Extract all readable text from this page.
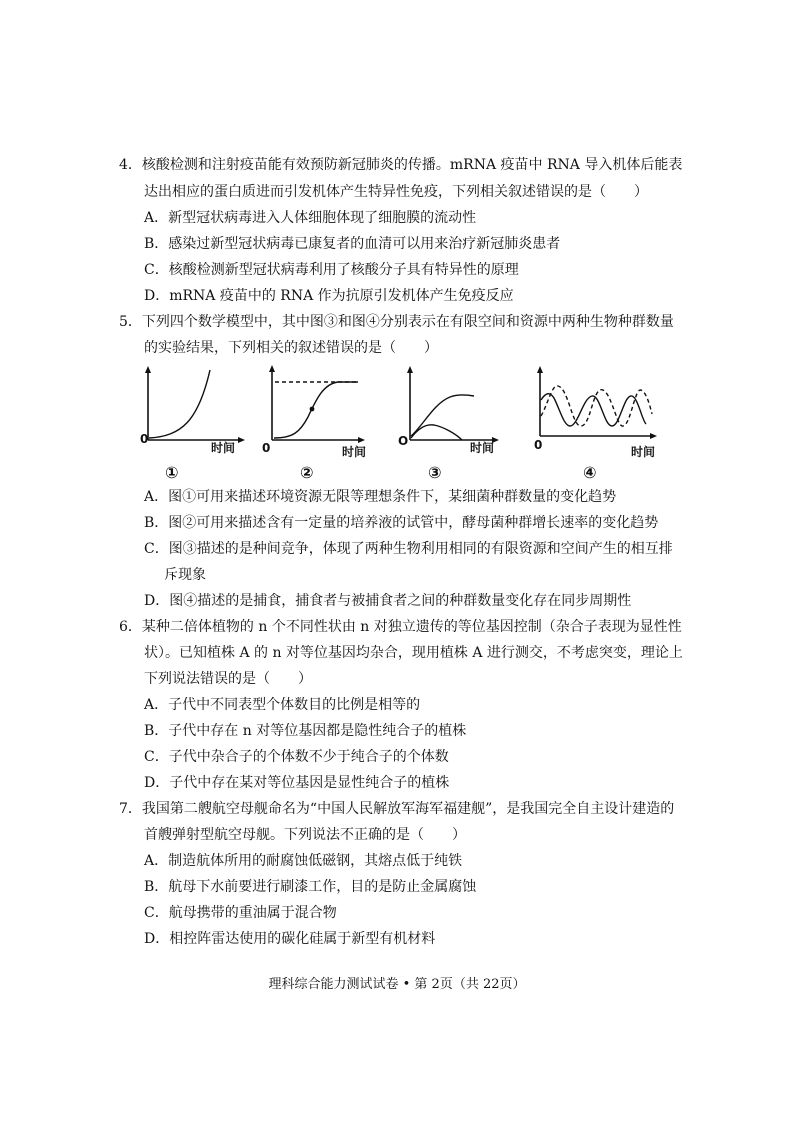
4．核酸检测和注射疫苗能有效预防新冠肺炎的传播。mRNA 疫苗中 RNA 导入机体后能表
达出相应的蛋白质进而引发机体产生特异性免疫，下列相关叙述错误的是（　　）
A．新型冠状病毒进入人体细胞体现了细胞膜的流动性
B．感染过新型冠状病毒已康复者的血清可以用来治疗新冠肺炎患者
C．核酸检测新型冠状病毒利用了核酸分子具有特异性的原理
D．mRNA 疫苗中的 RNA 作为抗原引发机体产生免疫反应
5．下列四个数学模型中，其中图③和图④分别表示在有限空间和资源中两种生物种群数量
的实验结果，下列相关的叙述错误的是（　　）
0
时间
①
0	时间
②
O	时间
③
0	时间
④
A．图①可用来描述环境资源无限等理想条件下，某细菌种群数量的变化趋势
B．图②可用来描述含有一定量的培养液的试管中，酵母菌种群增长速率的变化趋势
C．图③描述的是种间竞争，体现了两种生物利用相同的有限资源和空间产生的相互排
斥现象
D．图④描述的是捕食，捕食者与被捕食者之间的种群数量变化存在同步周期性
6．某种二倍体植物的 n 个不同性状由 n 对独立遗传的等位基因控制（杂合子表现为显性性
状）。已知植株 A 的 n 对等位基因均杂合，现用植株 A 进行测交，不考虑突变，理论上
下列说法错误的是（　　）
A．子代中不同表型个体数目的比例是相等的
B．子代中存在 n 对等位基因都是隐性纯合子的植株
C．子代中杂合子的个体数不少于纯合子的个体数
D．子代中存在某对等位基因是显性纯合子的植株
7．我国第二艘航空母舰命名为“中国人民解放军海军福建舰”，是我国完全自主设计建造的
首艘弹射型航空母舰。下列说法不正确的是（　　）
A．制造航体所用的耐腐蚀低磁钢，其熔点低于纯铁
B．航母下水前要进行刷漆工作，目的是防止金属腐蚀
C．航母携带的重油属于混合物
D．相控阵雷达使用的碳化硅属于新型有机材料
理科综合能力测试试卷 • 第 2页（共 22页）
